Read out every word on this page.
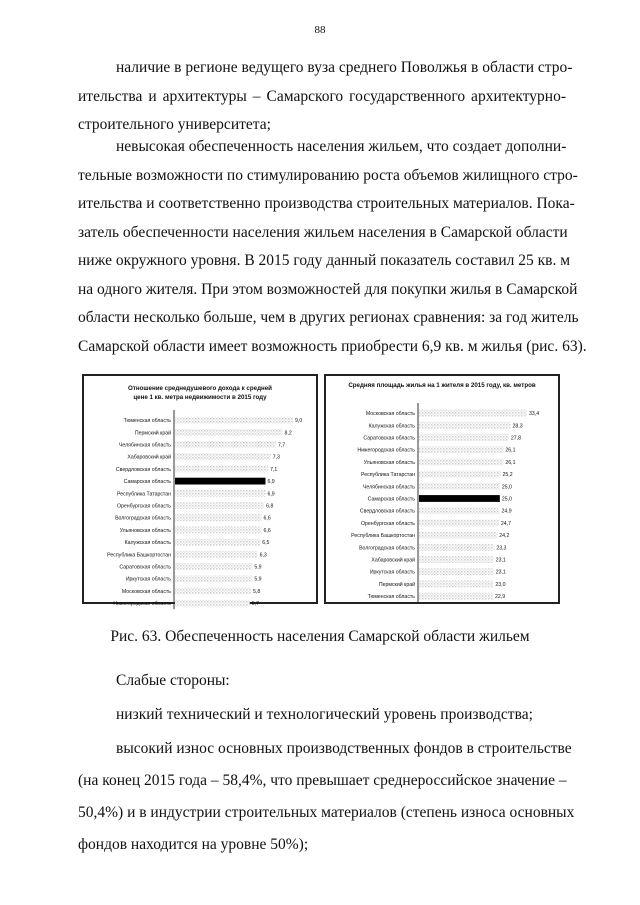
88
наличие в регионе ведущего вуза среднего Поволжья в области стро-
ительства и архитектуры – Самарского государственного архитектурно-
строительного университета;
невысокая обеспеченность населения жильем, что создает дополни-
тельные возможности по стимулированию роста объемов жилищного стро-
ительства и соответственно производства строительных материалов. Пока-
затель обеспеченности населения жильем населения в Самарской области
ниже окружного уровня. В 2015 году данный показатель составил 25 кв. м
на одного жителя. При этом возможностей для покупки жилья в Самарской
области несколько больше, чем в других регионах сравнения: за год житель
Самарской области имеет возможность приобрести 6,9 кв. м жилья (рис. 63).
Отношение среднедушевого дохода к средней
цене 1 кв. метра недвижимости в 2015 году
Тюменская область	9,0
Пермский край	8,2
Челябинская область	7,7
Хабаровский край	7,3
Свердловская область	7,1
Самарская область	6,9
Республика Татарстан	6,9
Оренбургская область	6,8
Волгоградская область	6,6
Ульяновская область	6,6
Калужская область	6,5
Республика Башкортостан	6,3
Саратовская область	5,9
Иркутская область	5,9
Московская область	5,8
Нижегородская область	5,7
Средняя площадь жилья на 1 жителя в 2015 году, кв. метров
Московская область	33,4
Калужская область	28,3
Саратовская область	27,8
Нижегородская область	26,1
Ульяновская область	26,1
Республика Татарстан	25,2
Челябинская область	25,0
Самарская область	25,0
Свердловская область	24,9
Оренбургская область	24,7
Республика Башкортостан	24,2
Волгоградская область	23,3
Хабаровский край	23,1
Иркутская область	23,1
Пермский край	23,0
Тюменская область	22,9
Рис. 63. Обеспеченность населения Самарской области жильем
Слабые стороны:
низкий технический и технологический уровень производства;
высокий износ основных производственных фондов в строительстве
(на конец 2015 года – 58,4%, что превышает среднероссийское значение –
50,4%) и в индустрии строительных материалов (степень износа основных
фондов находится на уровне 50%);
